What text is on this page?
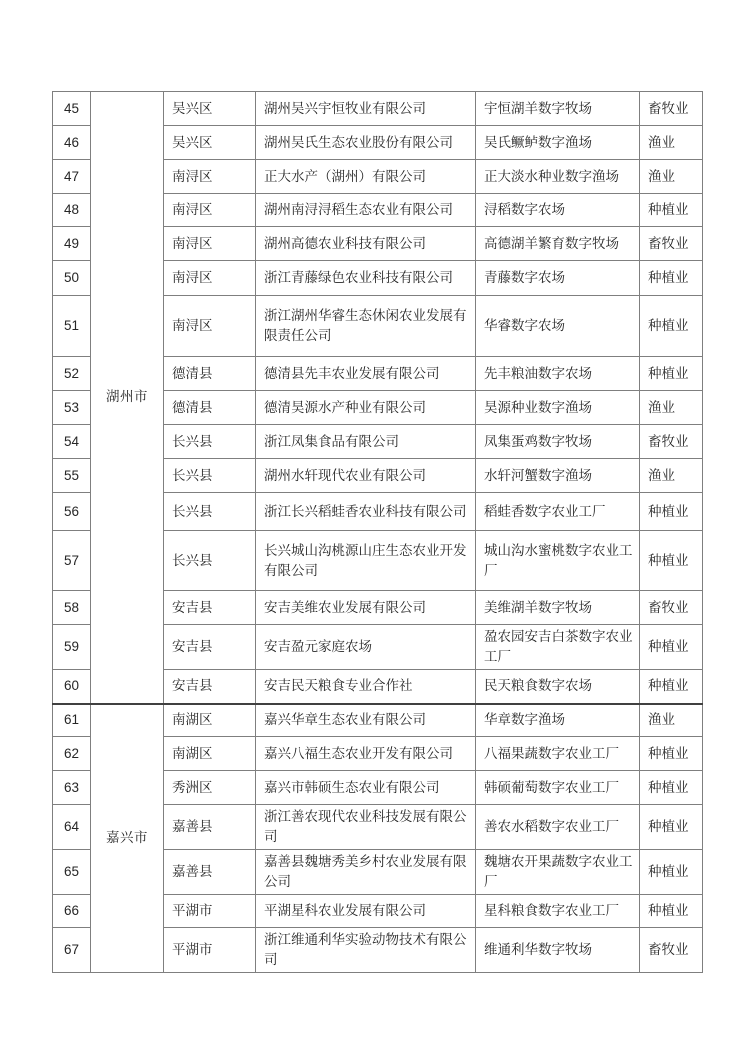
45	湖州市	吴兴区	湖州吴兴宇恒牧业有限公司	宇恒湖羊数字牧场	畜牧业
46		吴兴区	湖州吴氏生态农业股份有限公司	吴氏鳜鲈数字渔场	渔业
47		南浔区	正大水产（湖州）有限公司	正大淡水种业数字渔场	渔业
48		南浔区	湖州南浔浔稻生态农业有限公司	浔稻数字农场	种植业
49		南浔区	湖州高德农业科技有限公司	高德湖羊繁育数字牧场	畜牧业
50		南浔区	浙江青藤绿色农业科技有限公司	青藤数字农场	种植业
51		南浔区	浙江湖州华睿生态休闲农业发展有限责任公司	华睿数字农场	种植业
52		德清县	德清县先丰农业发展有限公司	先丰粮油数字农场	种植业
53		德清县	德清昊源水产种业有限公司	昊源种业数字渔场	渔业
54		长兴县	浙江凤集食品有限公司	凤集蛋鸡数字牧场	畜牧业
55		长兴县	湖州水轩现代农业有限公司	水轩河蟹数字渔场	渔业
56		长兴县	浙江长兴稻蛙香农业科技有限公司	稻蛙香数字农业工厂	种植业
57		长兴县	长兴城山沟桃源山庄生态农业开发有限公司	城山沟水蜜桃数字农业工厂	种植业
58		安吉县	安吉美维农业发展有限公司	美维湖羊数字牧场	畜牧业
59		安吉县	安吉盈元家庭农场	盈农园安吉白茶数字农业工厂	种植业
60		安吉县	安吉民天粮食专业合作社	民天粮食数字农场	种植业
61	嘉兴市	南湖区	嘉兴华章生态农业有限公司	华章数字渔场	渔业
62		南湖区	嘉兴八福生态农业开发有限公司	八福果蔬数字农业工厂	种植业
63		秀洲区	嘉兴市韩硕生态农业有限公司	韩硕葡萄数字农业工厂	种植业
64		嘉善县	浙江善农现代农业科技发展有限公司	善农水稻数字农业工厂	种植业
65		嘉善县	嘉善县魏塘秀美乡村农业发展有限公司	魏塘农开果蔬数字农业工厂	种植业
66		平湖市	平湖星科农业发展有限公司	星科粮食数字农业工厂	种植业
67		平湖市	浙江维通利华实验动物技术有限公司	维通利华数字牧场	畜牧业
